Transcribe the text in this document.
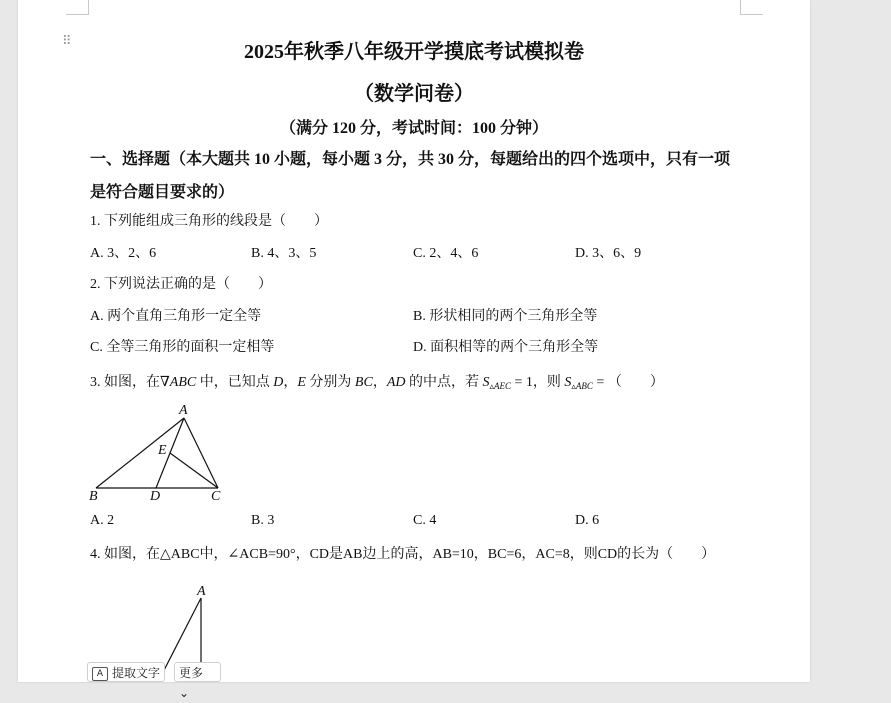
⠿	2025年秋季八年级开学摸底考试模拟卷
（数学问卷）
（满分 120 分，考试时间：100 分钟）
一、选择题（本大题共 10 小题，每小题 3 分，共 30 分，每题给出的四个选项中，只有一项
是符合题目要求的）
1. 下列能组成三角形的线段是（　　）
A. 3、2、6	B. 4、3、5	C. 2、4、6	D. 3、6、9
2. 下列说法正确的是（　　）
A. 两个直角三角形一定全等	B. 形状相同的两个三角形全等
C. 全等三角形的面积一定相等	D. 面积相等的两个三角形全等
3. 如图，在∇ABC 中，已知点 D，E 分别为 BC，AD 的中点，若 $S_{▵AEC} = 1$，则 $S_{▵ABC}$ = （　　）
A
E
B	D	C
A. 2	B. 3	C. 4	D. 6
4. 如图，在△ABC中，∠ACB=90°，CD是AB边上的高，AB=10，BC=6，AC=8，则CD的长为（　　）
A
A 提取文字	更多 ⌄
